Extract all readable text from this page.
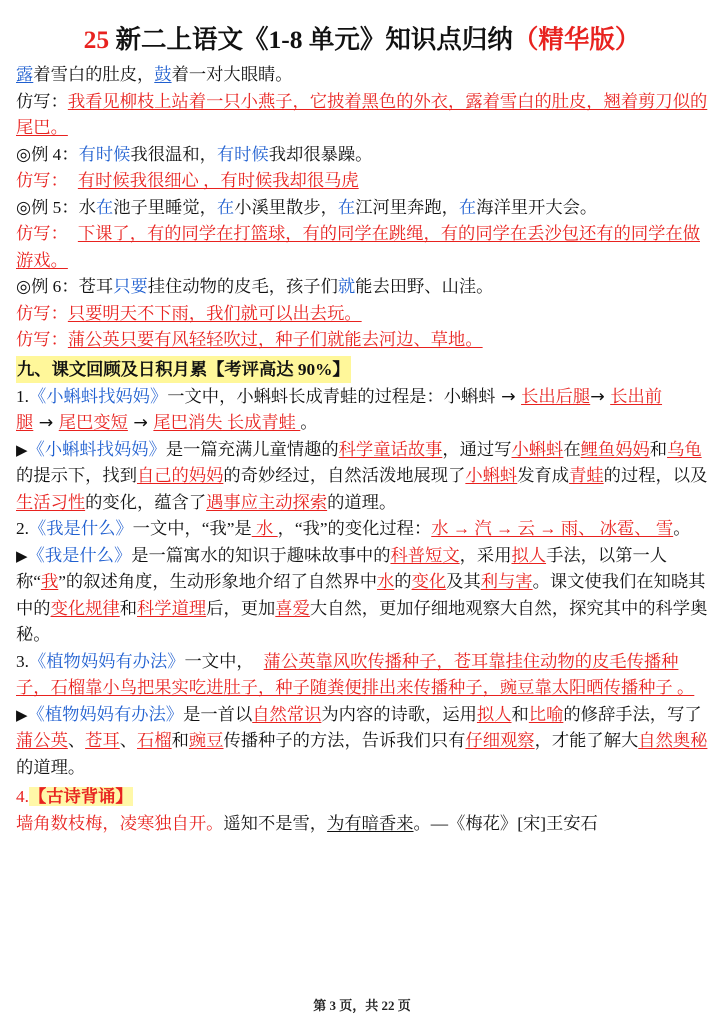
25 新二上语文《1-8 单元》知识点归纳（精华版）
露着雪白的肚皮，鼓着一对大眼睛。
仿写：我看见柳枝上站着一只小燕子，它披着黑色的外衣，露着雪白的肚皮，翘着剪刀似的尾巴。
◎例 4：有时候我很温和，有时候我却很暴躁。
仿写： 有时候我很细心 ，有时候我却很马虎
◎例 5：水在池子里睡觉，在小溪里散步，在江河里奔跑，在海洋里开大会。
仿写： 下课了，有的同学在打篮球，有的同学在跳绳，有的同学在丢沙包还有的同学在做游戏。
◎例 6：苍耳只要挂住动物的皮毛，孩子们就能去田野、山洼。
仿写：只要明天不下雨，我们就可以出去玩。
仿写：蒲公英只要有风轻轻吹过，种子们就能去河边、草地。
九、课文回顾及日积月累【考评高达 90%】
1.《小蝌蚪找妈妈》一文中，小蝌蚪长成青蛙的过程是：小蝌蚪 → 长出后腿→ 长出前腿 → 尾巴变短 → 尾巴消失 长成青蛙 。
▶《小蝌蚪找妈妈》是一篇充满儿童情趣的科学童话故事，通过写小蝌蚪在鲤鱼妈妈和乌龟的提示下，找到自己的妈妈的奇妙经过，自然活泼地展现了小蝌蚪发育成青蛙的过程，以及生活习性的变化，蕴含了遇事应主动探索的道理。
2.《我是什么》一文中，“我”是 水 ，“我”的变化过程：水 → 汽 → 云 → 雨、 冰雹、 雪。
▶《我是什么》是一篇寓水的知识于趣味故事中的科普短文，采用拟人手法，以第一人称“我”的叙述角度，生动形象地介绍了自然界中水的变化及其利与害。课文使我们在知晓其中的变化规律和科学道理后，更加喜爱大自然，更加仔细地观察大自然，探究其中的科学奥秘。
3.《植物妈妈有办法》一文中， 蒲公英靠风吹传播种子，苍耳靠挂住动物的皮毛传播种子，石榴靠小鸟把果实吃进肚子，种子随粪便排出来传播种子，豌豆靠太阳晒传播种子 。
▶《植物妈妈有办法》是一首以自然常识为内容的诗歌，运用拟人和比喻的修辞手法，写了蒲公英、苍耳、石榴和豌豆传播种子的方法，告诉我们只有仔细观察，才能了解大自然奥秘的道理。
4.【古诗背诵】
墙角数枝梅，凌寒独自开。遥知不是雪，为有暗香来。—《梅花》[宋]王安石
第 3 页，共 22 页
